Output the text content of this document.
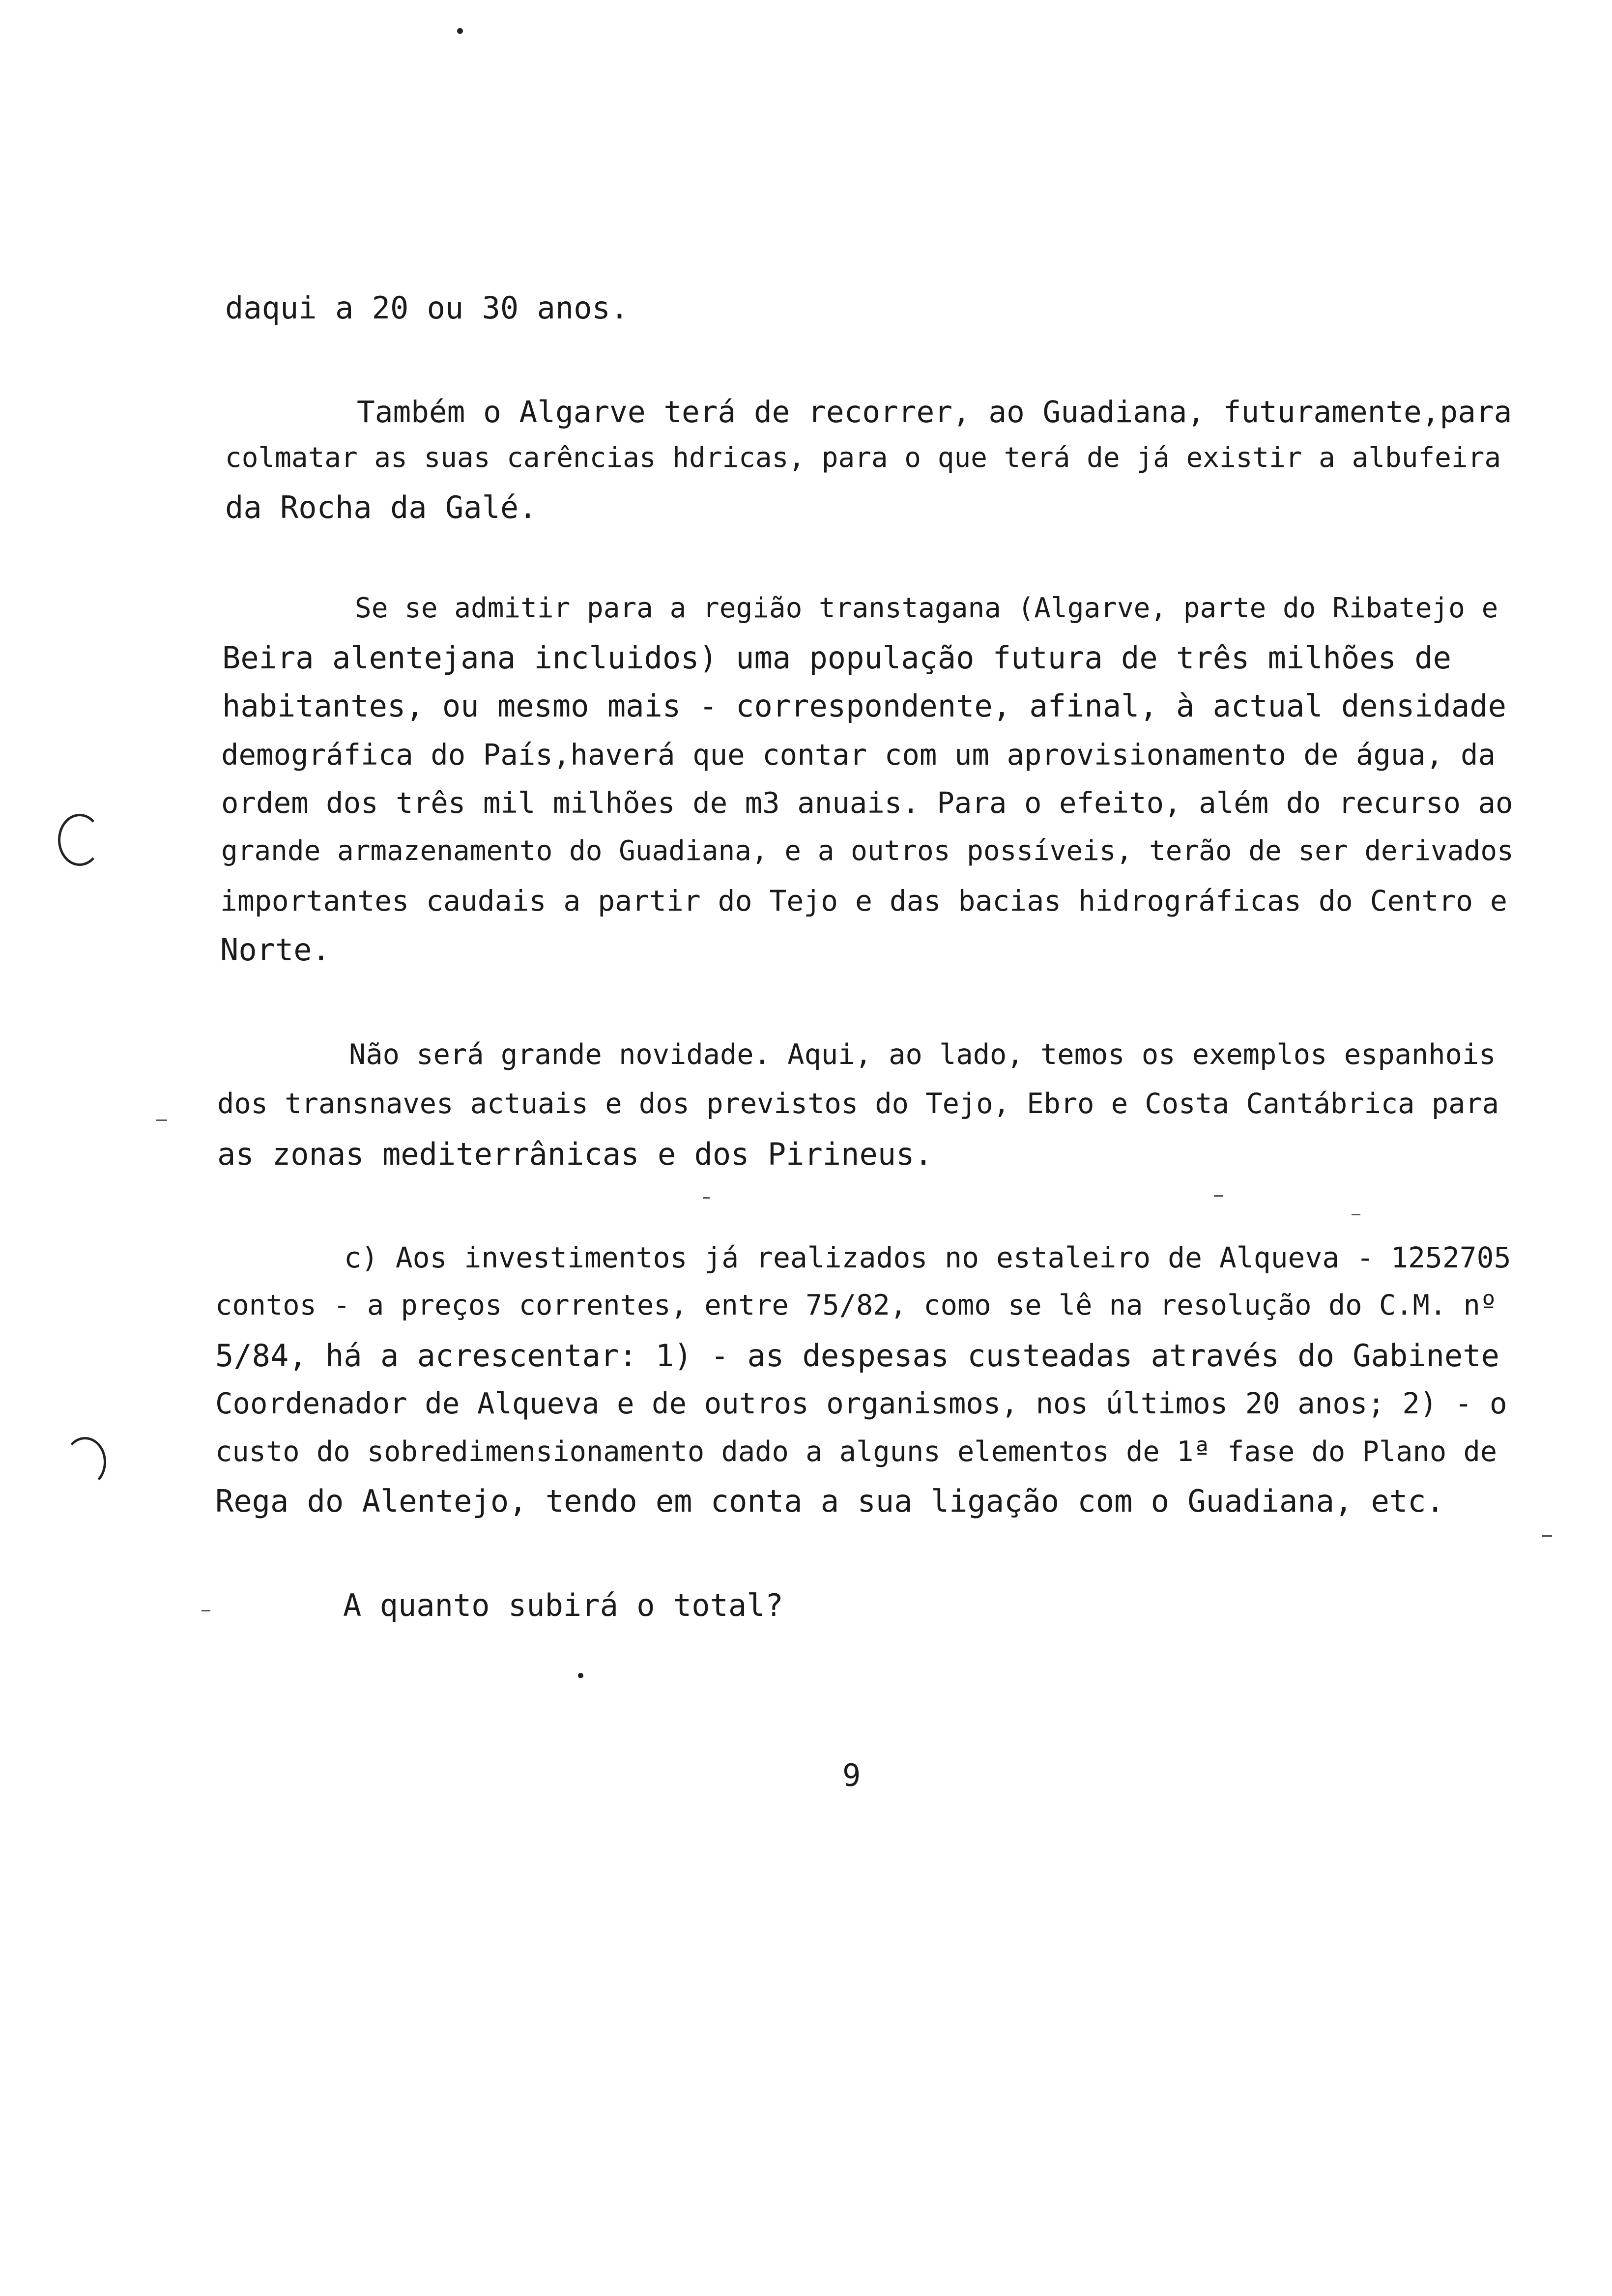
daqui a 20 ou 30 anos.
Também o Algarve terá de recorrer, ao Guadiana, futuramente,para
colmatar as suas carências hdricas, para o que terá de já existir a albufeira
da Rocha da Galé.
Se se admitir para a região transtagana (Algarve, parte do Ribatejo e
Beira alentejana incluidos) uma população futura de três milhões de
habitantes, ou mesmo mais - correspondente, afinal, à actual densidade
demográfica do País,haverá que contar com um aprovisionamento de água, da
ordem dos três mil milhões de m3 anuais. Para o efeito, além do recurso ao
grande armazenamento do Guadiana, e a outros possíveis, terão de ser derivados
importantes caudais a partir do Tejo e das bacias hidrográficas do Centro e
Norte.
Não será grande novidade. Aqui, ao lado, temos os exemplos espanhois
dos transnaves actuais e dos previstos do Tejo, Ebro e Costa Cantábrica para
as zonas mediterrânicas e dos Pirineus.
c) Aos investimentos já realizados no estaleiro de Alqueva - 1252705
contos - a preços correntes, entre 75/82, como se lê na resolução do C.M. nº
5/84, há a acrescentar: 1) - as despesas custeadas através do Gabinete
Coordenador de Alqueva e de outros organismos, nos últimos 20 anos; 2) - o
custo do sobredimensionamento dado a alguns elementos de 1ª fase do Plano de
Rega do Alentejo, tendo em conta a sua ligação com o Guadiana, etc.
A quanto subirá o total?
9
